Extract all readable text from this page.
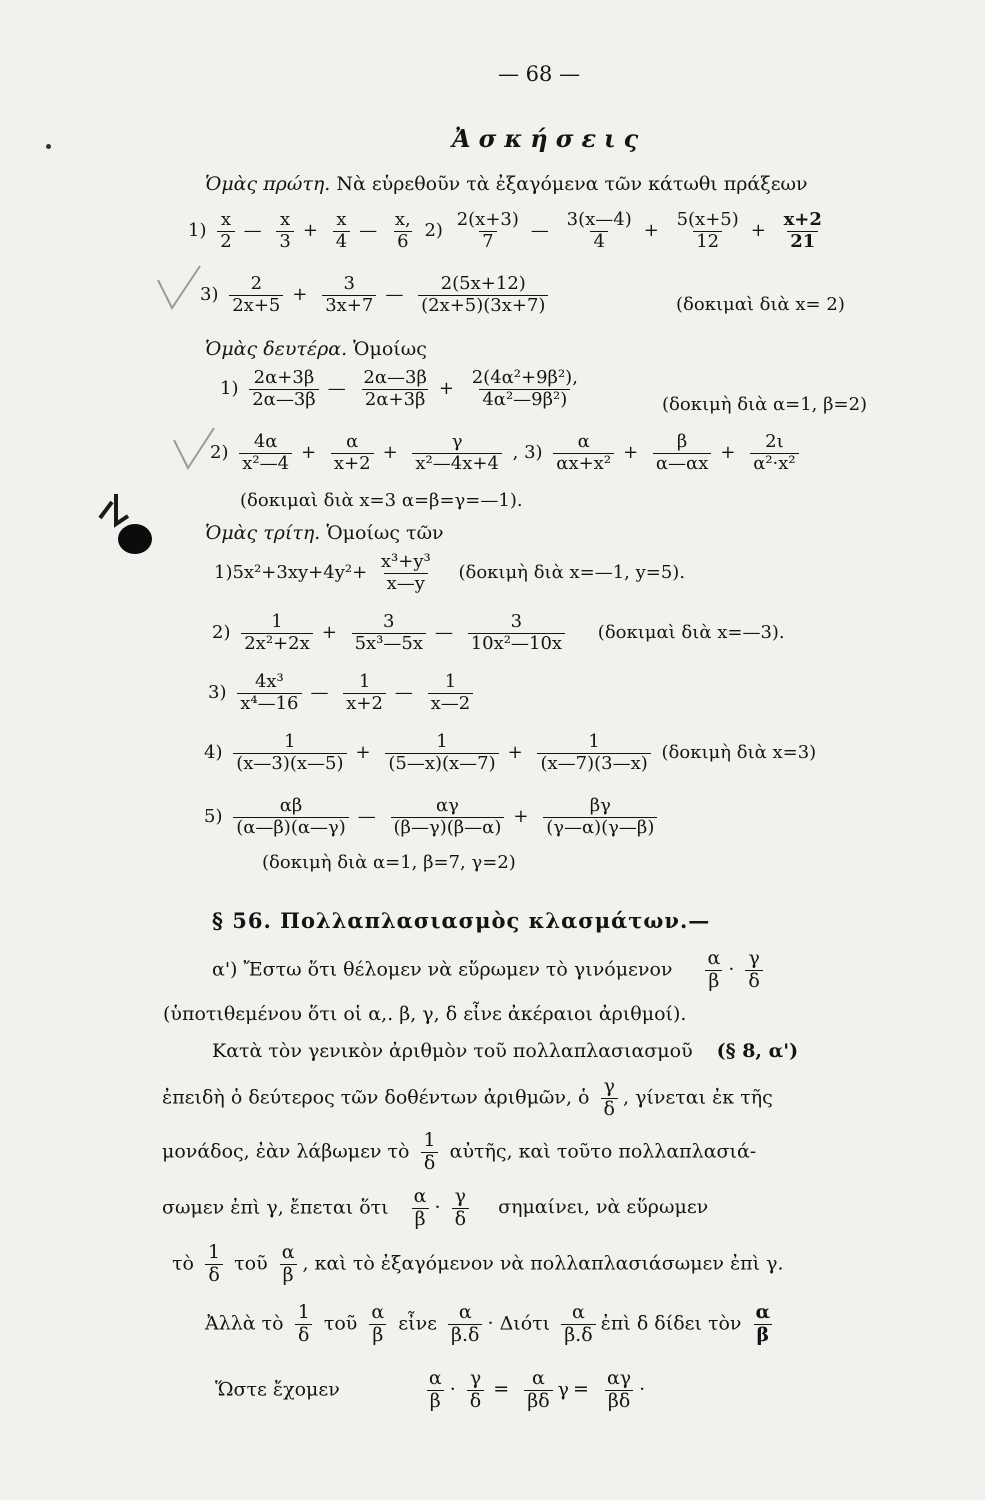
— 68 —
Ἀσκήσεις
Ὁμὰς πρώτη. Νὰ εὑρεθοῦν τὰ ἐξαγόμενα τῶν κάτωθι πράξεων
$1) \frac{x}{2}$ — $\frac{x}{3} + \frac{x}{4}$ — $\frac{x,}{6} 2) \frac{2(x+3)}{7}$ — $\frac{3(x—4)}{4} + \frac{5(x+5)}{12} + \frac{x+2}{21}$
$3) \frac{2}{2x+5} + \frac{3}{3x+7}$ — $\frac{2(5x+12)}{(2x+5)(3x+7)}$	(δοκιμαὶ διὰ x= 2)
Ὁμὰς δευτέρα. Ὁμοίως
$1) \frac{2\alpha+3\beta}{2\alpha—3\beta}$ — $\frac{2\alpha—3\beta}{2\alpha+3\beta} + \frac{\text{2(4α²+9β²),}}{\text{4α²—9β²)}}$	(δοκιμὴ διὰ α=1, β=2)
$2) \frac{4\alpha}{\text{x²—4}} + \frac{\alpha}{x+2} + \frac{\gamma}{\text{x²—4x+4}}$ , $3) \frac{\alpha}{\text{αx+x²}} + \frac{\beta}{\alpha—\alpha x} + \frac{2\iota}{\text{α²·x²}}$
(δοκιμαὶ διὰ x=3 α=β=γ=—1).
Ὁμὰς τρίτη. Ὁμοίως τῶν
$1)5x^2+3xy+4y^2+ \frac{\text{x³+y³}}{x—y}$ (δοκιμὴ διὰ x=—1, y=5).
$2) \frac{1}{\text{2x²+2x}} + \frac{3}{\text{5x³—5x}}$ — $\frac{3}{\text{10x²—10x}}$ (δοκιμαὶ διὰ x=—3).
$3) \frac{\text{4x³}}{\text{x⁴—16}}$ — $\frac{1}{x+2}$ — $\frac{1}{x—2}$
$4) \frac{1}{(x—3)(x—5)} + \frac{1}{(5—x)(x—7)} + \frac{1}{(x—7)(3—x)}$ (δοκιμὴ διὰ x=3)
$5) \frac{\alpha\beta}{(\alpha—\beta)(\alpha—\gamma)}$ — $\frac{\alpha\gamma}{(\beta—\gamma)(\beta—\alpha)} + \frac{\beta\gamma}{(\gamma—\alpha)(\gamma—\beta)}$
(δοκιμὴ διὰ α=1, β=7, γ=2)
§ 56. Πολλαπλασιασμὸς κλασμάτων.—
α') Ἔστω ὅτι θέλομεν νὰ εὕρωμεν τὸ γινόμενον $\frac{\alpha}{\beta} \cdot \frac{\gamma}{\delta}$
(ὑποτιθεμένου ὅτι οἱ α,. β, γ, δ εἶνε ἀκέραιοι ἀριθμοί).
Κατὰ τὸν γενικὸν ἀριθμὸν τοῦ πολλαπλασιασμοῦ (§ 8, α')
ἐπειδὴ ὁ δεύτερος τῶν δοθέντων ἀριθμῶν, ὁ $\frac{\gamma}{\delta}$ , γίνεται ἐκ τῆς
μονάδος, ἐὰν λάβωμεν τὸ $\frac{1}{\delta}$ αὐτῆς, καὶ τοῦτο πολλαπλασιά-
σωμεν ἐπὶ γ, ἔπεται ὅτι $\frac{\alpha}{\beta} \cdot \frac{\gamma}{\delta} \sigma\eta\mu\alpha ί\nu\varepsilon\iota$, νὰ εὕρωμεν
τὸ $\frac{1}{\delta}$ τοῦ $\frac{\alpha}{\beta}$ , καὶ τὸ ἐξαγόμενον νὰ πολλαπλασιάσωμεν ἐπὶ γ.
Ἀλλὰ τὸ $\frac{1}{\delta}$ τοῦ $\frac{\alpha}{\beta}$ εἶνε $\frac{\alpha}{\beta.\delta} \cdot \Delta\iota ό\tau\iota \frac{\alpha}{\beta.\delta}$ ἐπὶ δ δίδει τὸν $\frac{\alpha}{\beta}$
Ὥστε ἔχομεν	$\frac{\alpha}{\beta} \cdot \frac{\gamma}{\delta} = \frac{\alpha}{\beta\delta}$ $\gamma = \frac{\alpha\gamma}{\beta\delta}$ ·
